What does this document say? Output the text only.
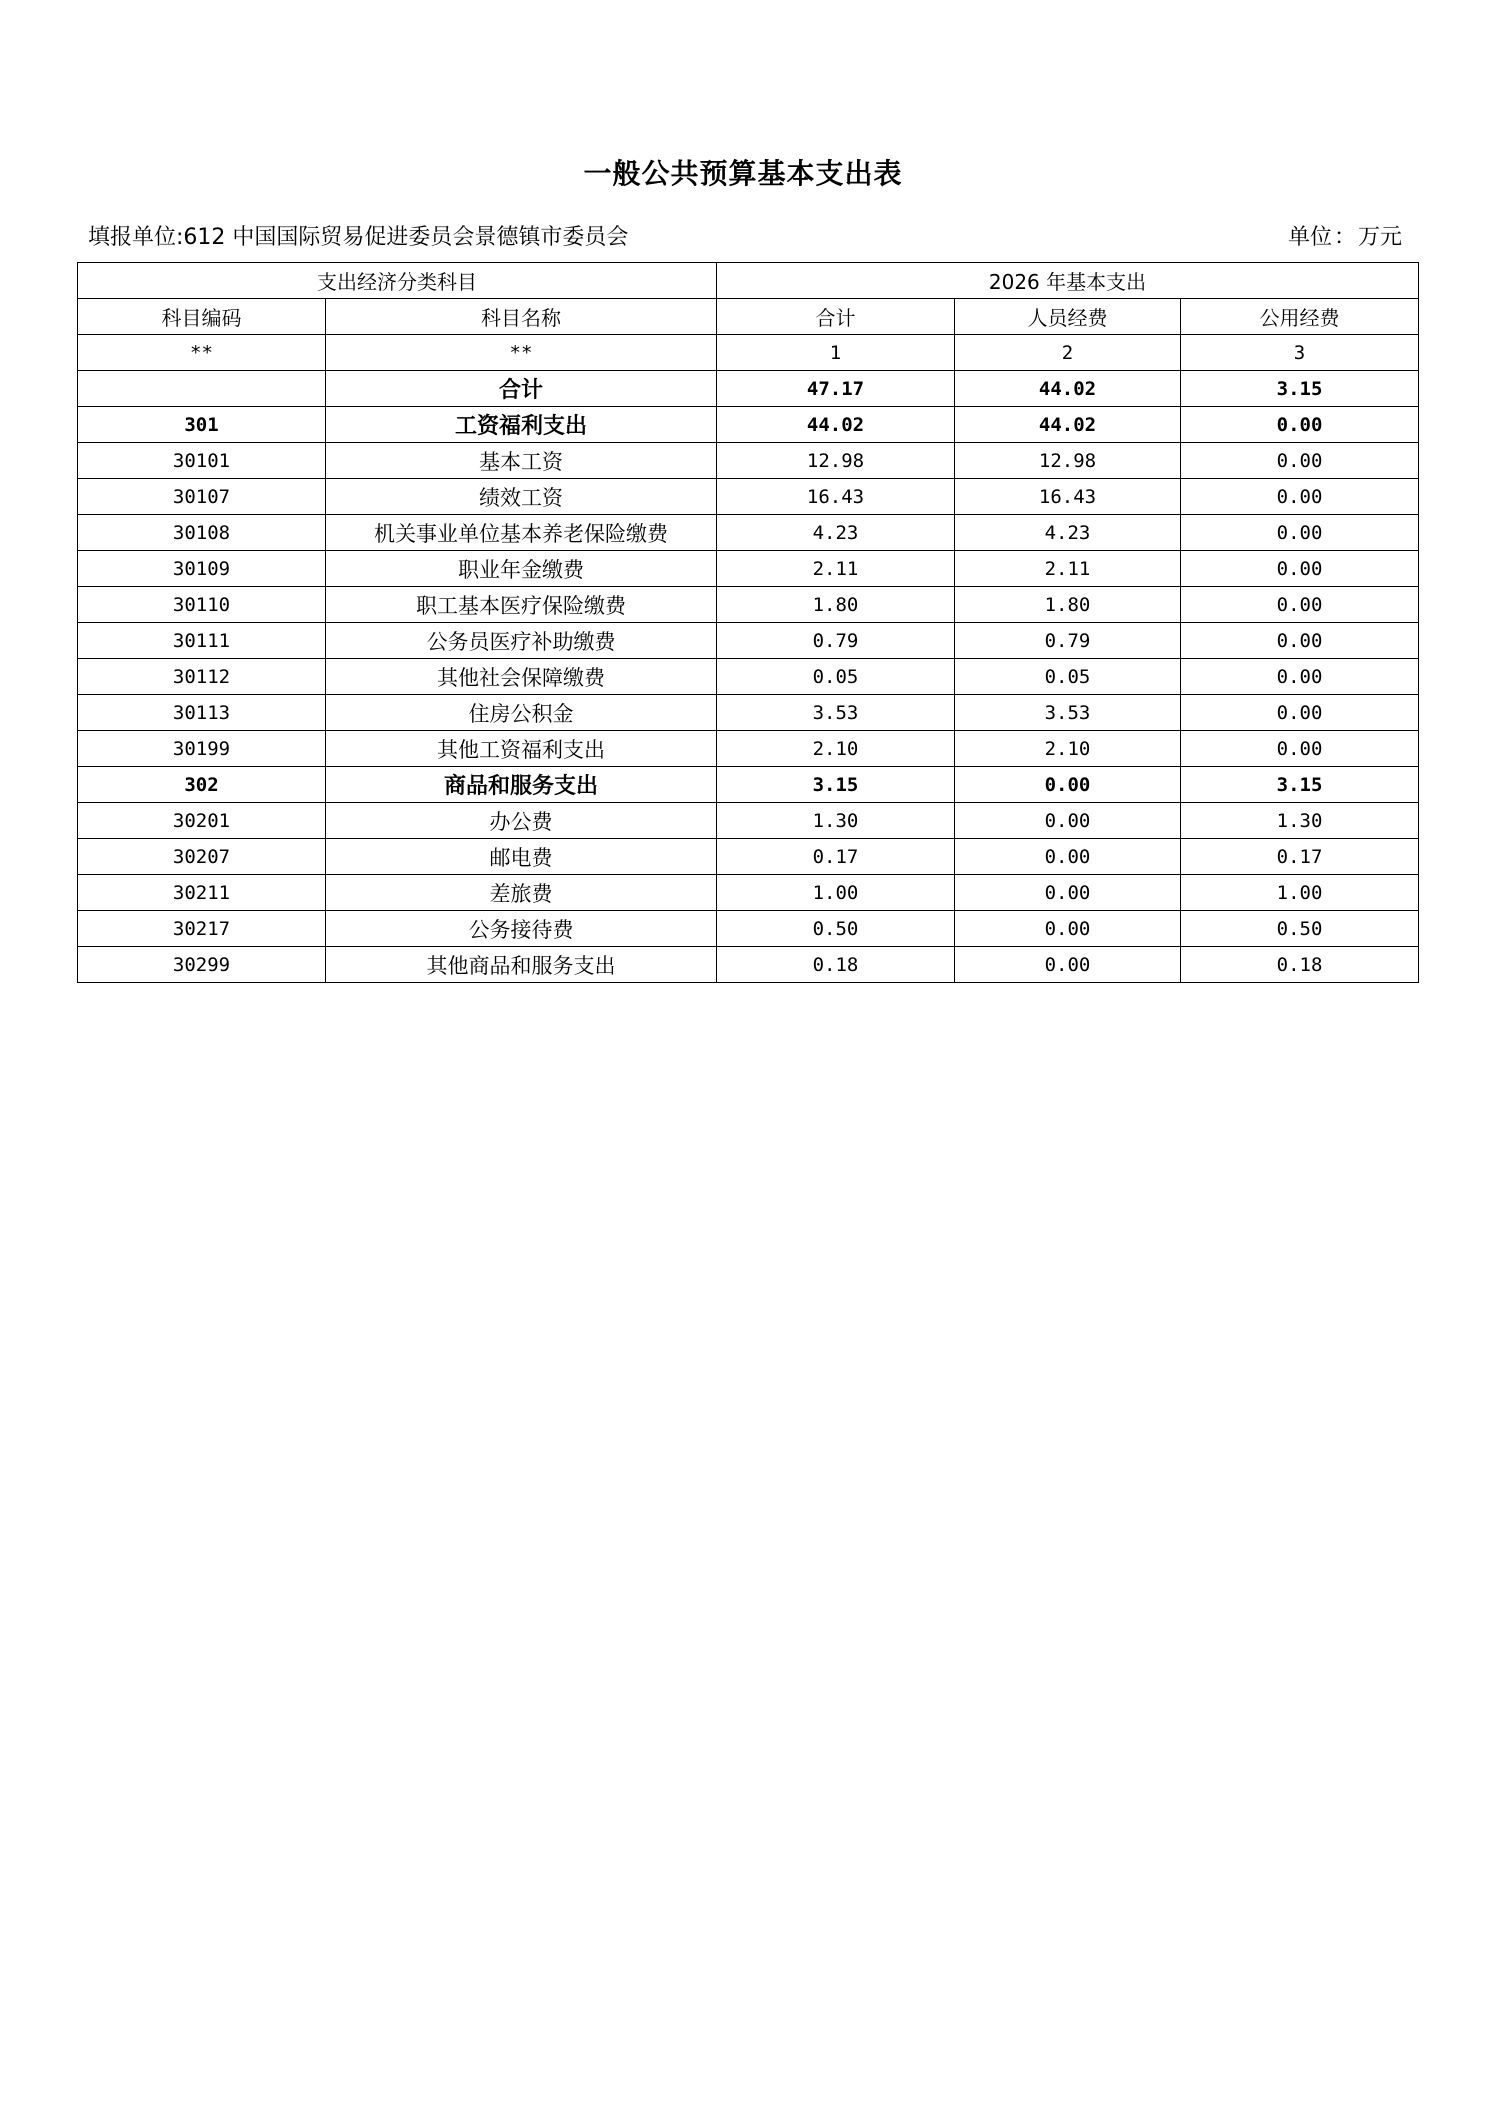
一般公共预算基本支出表
填报单位:612 中国国际贸易促进委员会景德镇市委员会	单位：万元
支出经济分类科目		2026 年基本支出		
科目编码	科目名称	合计	人员经费	公用经费
**	**	1	2	3
	合计	47.17	44.02	3.15
301	工资福利支出	44.02	44.02	0.00
30101	基本工资	12.98	12.98	0.00
30107	绩效工资	16.43	16.43	0.00
30108	机关事业单位基本养老保险缴费	4.23	4.23	0.00
30109	职业年金缴费	2.11	2.11	0.00
30110	职工基本医疗保险缴费	1.80	1.80	0.00
30111	公务员医疗补助缴费	0.79	0.79	0.00
30112	其他社会保障缴费	0.05	0.05	0.00
30113	住房公积金	3.53	3.53	0.00
30199	其他工资福利支出	2.10	2.10	0.00
302	商品和服务支出	3.15	0.00	3.15
30201	办公费	1.30	0.00	1.30
30207	邮电费	0.17	0.00	0.17
30211	差旅费	1.00	0.00	1.00
30217	公务接待费	0.50	0.00	0.50
30299	其他商品和服务支出	0.18	0.00	0.18
